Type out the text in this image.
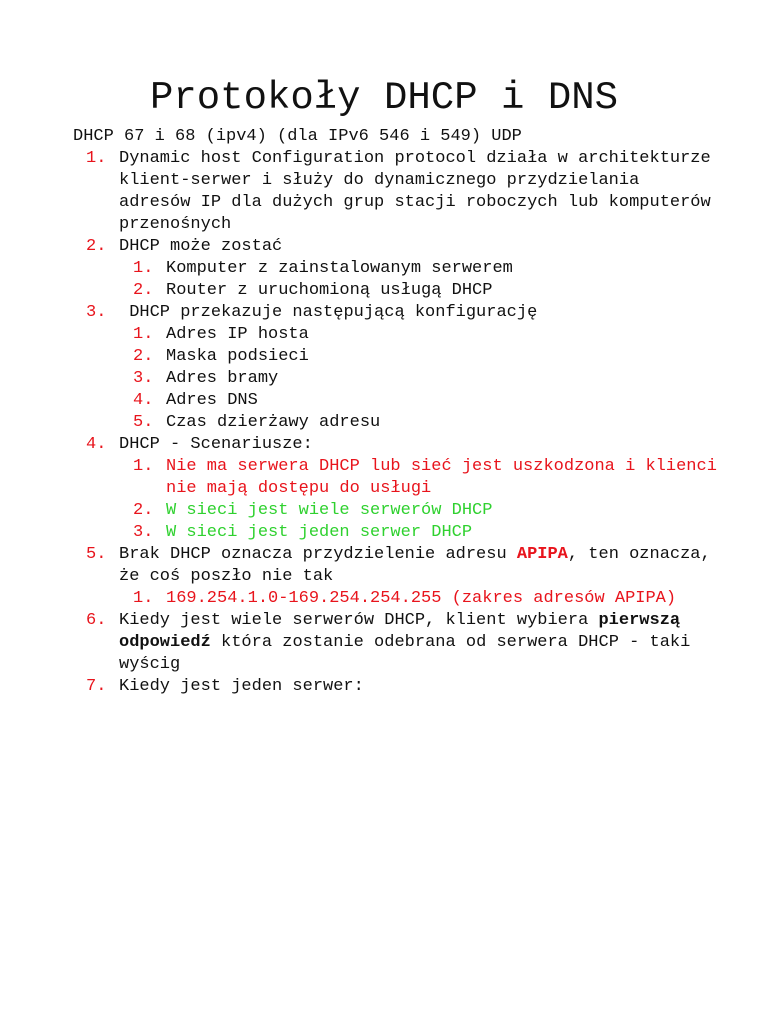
Protokoły DHCP i DNS
DHCP 67 i 68 (ipv4) (dla IPv6 546 i 549) UDP
1. Dynamic host Configuration protocol działa w architekturze klient-serwer i służy do dynamicznego przydzielania adresów IP dla dużych grup stacji roboczych lub komputerów przenośnych
2. DHCP może zostać
1. Komputer z zainstalowanym serwerem
2. Router z uruchomioną usługą DHCP
3. DHCP przekazuje następującą konfigurację
1. Adres IP hosta
2. Maska podsieci
3. Adres bramy
4. Adres DNS
5. Czas dzierżawy adresu
4. DHCP - Scenariusze:
1. Nie ma serwera DHCP lub sieć jest uszkodzona i klienci nie mają dostępu do usługi
2. W sieci jest wiele serwerów DHCP
3. W sieci jest jeden serwer DHCP
5. Brak DHCP oznacza przydzielenie adresu APIPA, ten oznacza, że coś poszło nie tak
1. 169.254.1.0-169.254.254.255 (zakres adresów APIPA)
6. Kiedy jest wiele serwerów DHCP, klient wybiera pierwszą odpowiedź która zostanie odebrana od serwera DHCP - taki wyścig
7. Kiedy jest jeden serwer:
